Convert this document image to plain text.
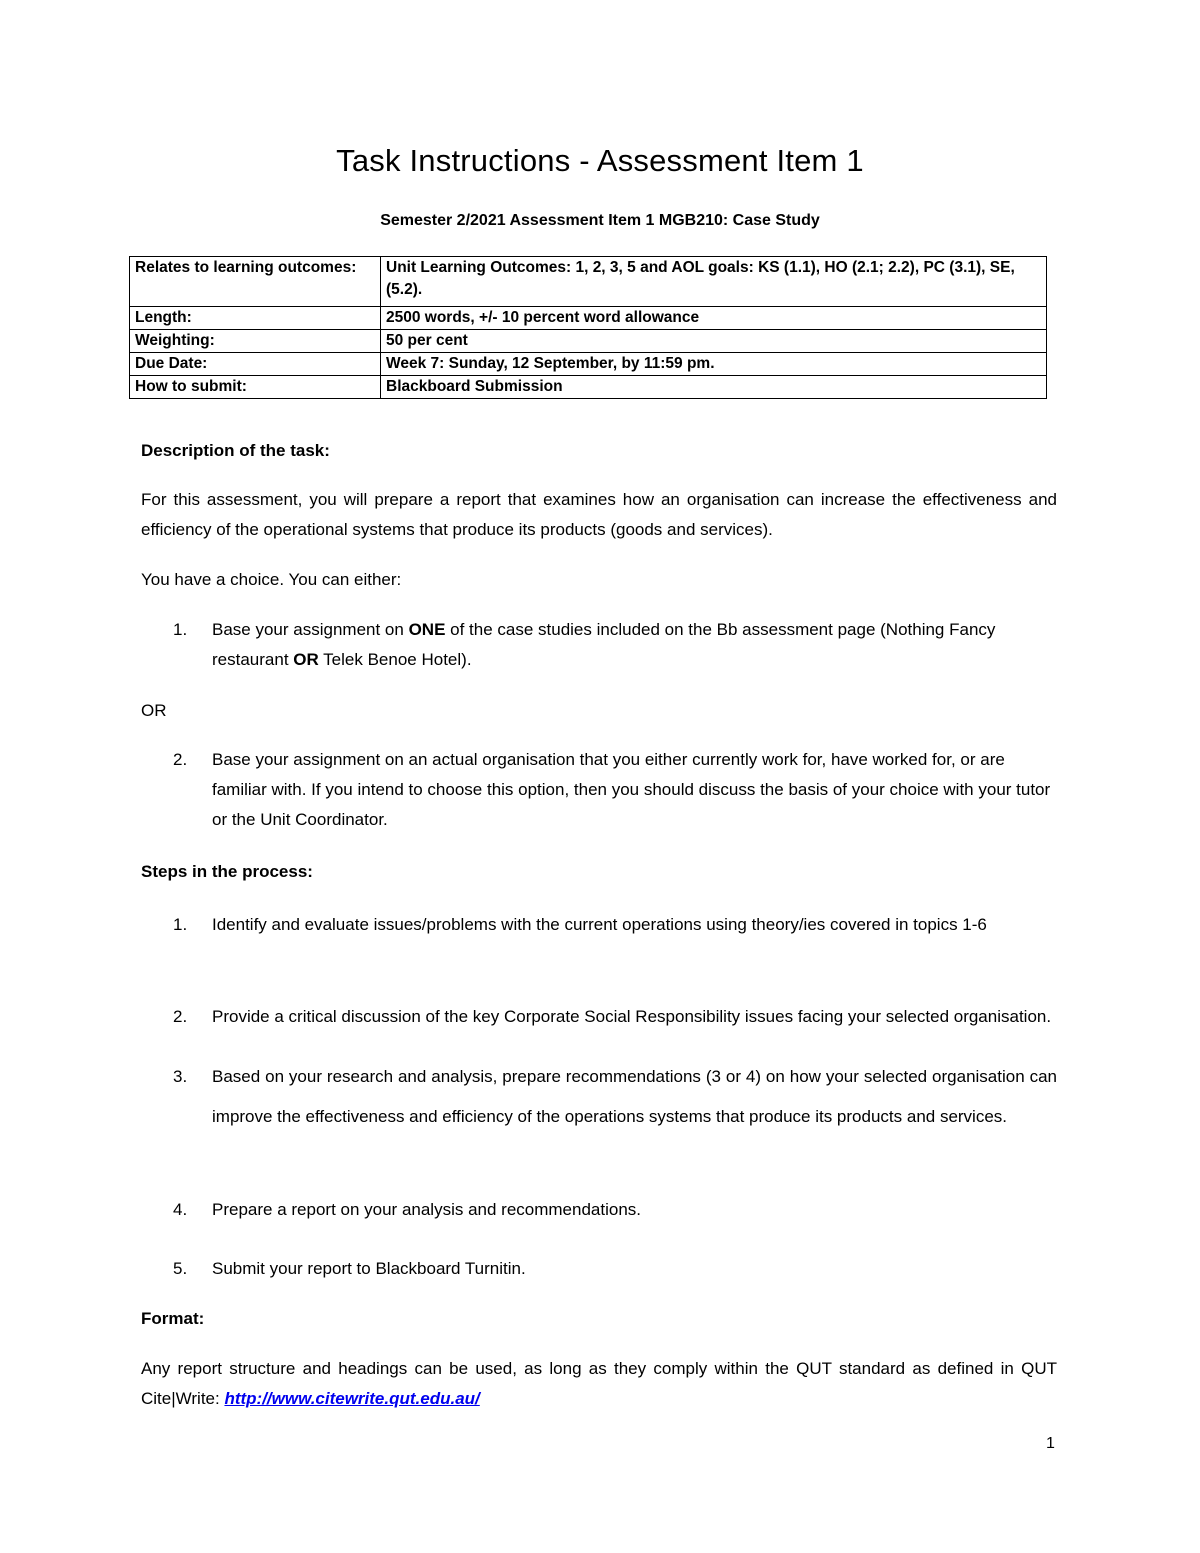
Task Instructions - Assessment Item 1

Semester 2/2021 Assessment Item 1 MGB210: Case Study

Relates to learning outcomes:	Unit Learning Outcomes: 1, 2, 3, 5 and AOL goals: KS (1.1), HO (2.1; 2.2), PC (3.1), SE, (5.2).
Length:	2500 words, +/- 10 percent word allowance
Weighting:	50 per cent
Due Date:	Week 7: Sunday, 12 September, by 11:59 pm.
How to submit:	Blackboard Submission

Description of the task:

For this assessment, you will prepare a report that examines how an organisation can increase the effectiveness and efficiency of the operational systems that produce its products (goods and services).

You have a choice. You can either:

1. Base your assignment on ONE of the case studies included on the Bb assessment page (Nothing Fancy restaurant OR Telek Benoe Hotel).

OR

2. Base your assignment on an actual organisation that you either currently work for, have worked for, or are familiar with. If you intend to choose this option, then you should discuss the basis of your choice with your tutor or the Unit Coordinator.

Steps in the process:

1. Identify and evaluate issues/problems with the current operations using theory/ies covered in topics 1-6
2. Provide a critical discussion of the key Corporate Social Responsibility issues facing your selected organisation.
3. Based on your research and analysis, prepare recommendations (3 or 4) on how your selected organisation can improve the effectiveness and efficiency of the operations systems that produce its products and services.
4. Prepare a report on your analysis and recommendations.
5. Submit your report to Blackboard Turnitin.

Format:

Any report structure and headings can be used, as long as they comply within the QUT standard as defined in QUT Cite|Write: http://www.citewrite.qut.edu.au/

1
